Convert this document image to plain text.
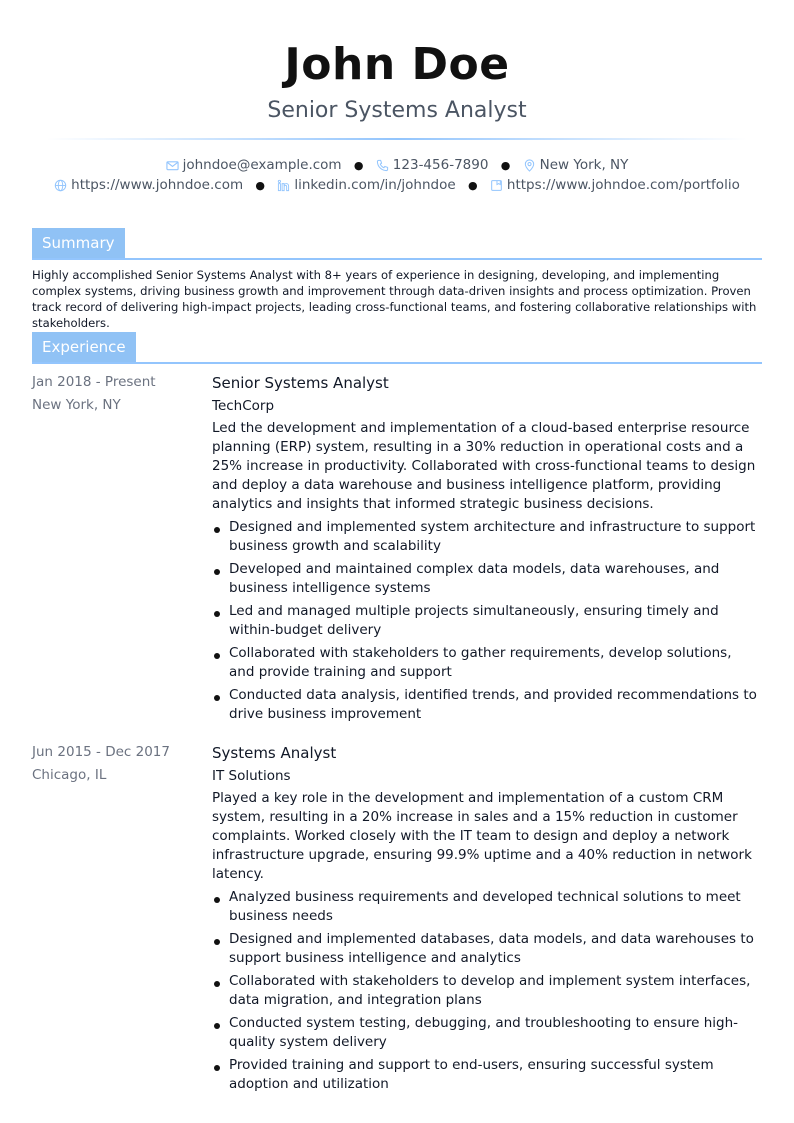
John Doe
Senior Systems Analyst
johndoe@example.com ● 123-456-7890 ● New York, NY
https://www.johndoe.com ● linkedin.com/in/johndoe ● https://www.johndoe.com/portfolio
Summary
Highly accomplished Senior Systems Analyst with 8+ years of experience in designing, developing, and implementing complex systems, driving business growth and improvement through data-driven insights and process optimization. Proven track record of delivering high-impact projects, leading cross-functional teams, and fostering collaborative relationships with stakeholders.
Experience
Jan 2018 - Present
New York, NY
Senior Systems Analyst
TechCorp
Led the development and implementation of a cloud-based enterprise resource planning (ERP) system, resulting in a 30% reduction in operational costs and a 25% increase in productivity. Collaborated with cross-functional teams to design and deploy a data warehouse and business intelligence platform, providing analytics and insights that informed strategic business decisions.
Designed and implemented system architecture and infrastructure to support business growth and scalability
Developed and maintained complex data models, data warehouses, and business intelligence systems
Led and managed multiple projects simultaneously, ensuring timely and within-budget delivery
Collaborated with stakeholders to gather requirements, develop solutions, and provide training and support
Conducted data analysis, identified trends, and provided recommendations to drive business improvement
Jun 2015 - Dec 2017
Chicago, IL
Systems Analyst
IT Solutions
Played a key role in the development and implementation of a custom CRM system, resulting in a 20% increase in sales and a 15% reduction in customer complaints. Worked closely with the IT team to design and deploy a network infrastructure upgrade, ensuring 99.9% uptime and a 40% reduction in network latency.
Analyzed business requirements and developed technical solutions to meet business needs
Designed and implemented databases, data models, and data warehouses to support business intelligence and analytics
Collaborated with stakeholders to develop and implement system interfaces, data migration, and integration plans
Conducted system testing, debugging, and troubleshooting to ensure high-quality system delivery
Provided training and support to end-users, ensuring successful system adoption and utilization
